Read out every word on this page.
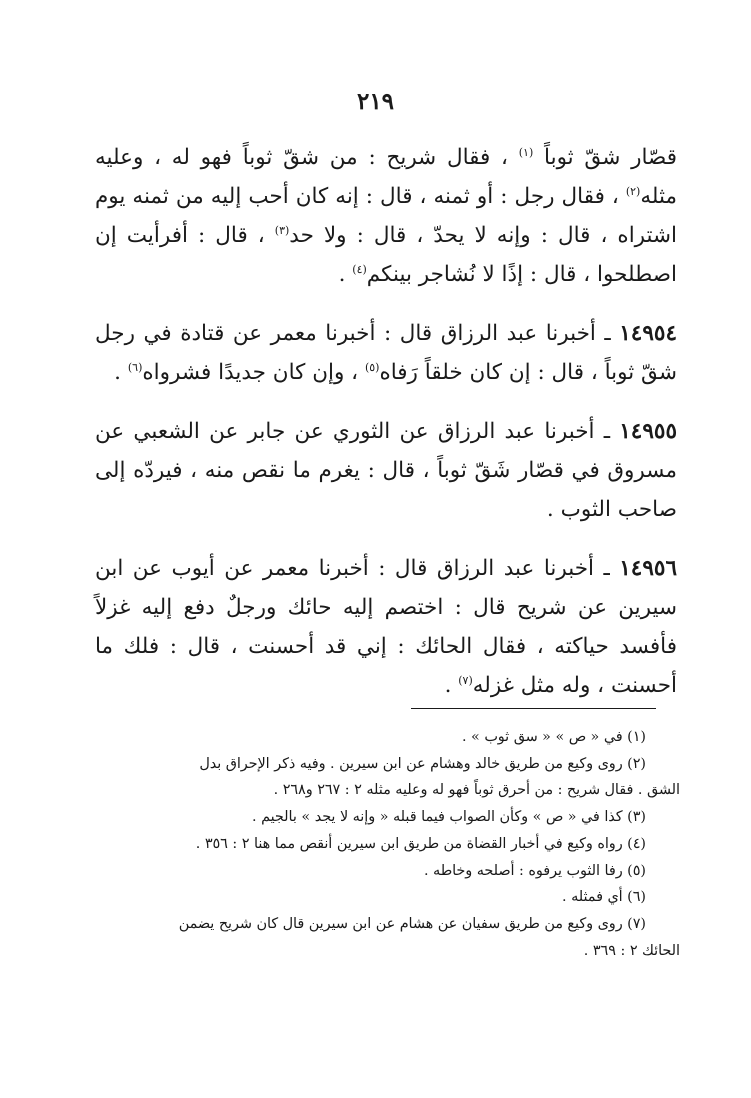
٢١٩

قصّار شقّ ثوباً $^{(١)}$ ، فقال شريح : من شقّ ثوباً فهو له ، وعليه مثله$^{(٢)}$ ، فقال رجل : أو ثمنه ، قال : إنه كان أحب إليه من ثمنه يوم اشتراه ، قال : وإنه لا يحدّ ، قال : ولا حد$^{(٣)}$ ، قال : أفرأيت إن اصطلحوا ، قال : إذًا لا نُشاجر بينكم$^{(٤)}$ .

١٤٩٥٤ ـ أخبرنا عبد الرزاق قال : أخبرنا معمر عن قتادة في رجل شقّ ثوباً ، قال : إن كان خلقاً رَفاه$^{(٥)}$ ، وإن كان جديدًا فشرواه$^{(٦)}$ .

١٤٩٥٥ ـ أخبرنا عبد الرزاق عن الثوري عن جابر عن الشعبي عن مسروق في قصّار شَقّ ثوباً ، قال : يغرم ما نقص منه ، فيردّه إلى صاحب الثوب .

١٤٩٥٦ ـ أخبرنا عبد الرزاق قال : أخبرنا معمر عن أيوب عن ابن سيرين عن شريح قال : اختصم إليه حائك ورجلٌ دفع إليه غزلاً فأفسد حياكته ، فقال الحائك : إني قد أحسنت ، قال : فلك ما أحسنت ، وله مثل غزله$^{(٧)}$ .

(١) في « ص » « سق ثوب » .

(٢) روى وكيع من طريق خالد وهشام عن ابن سيرين . وفيه ذكر الإحراق بدل

الشق . فقال شريح : من أحرق ثوباً فهو له وعليه مثله ٢ : ٢٦٧ و٢٦٨ .

(٣) كذا في « ص » وكأن الصواب فيما قبله « وإنه لا يجد » بالجيم .

(٤) رواه وكيع في أخبار القضاة من طريق ابن سيرين أنقص مما هنا ٢ : ٣٥٦ .

(٥) رفا الثوب يرفوه : أصلحه وخاطه .

(٦) أي فمثله .

(٧) روى وكيع من طريق سفيان عن هشام عن ابن سيرين قال كان شريح يضمن

الحائك ٢ : ٣٦٩ .
